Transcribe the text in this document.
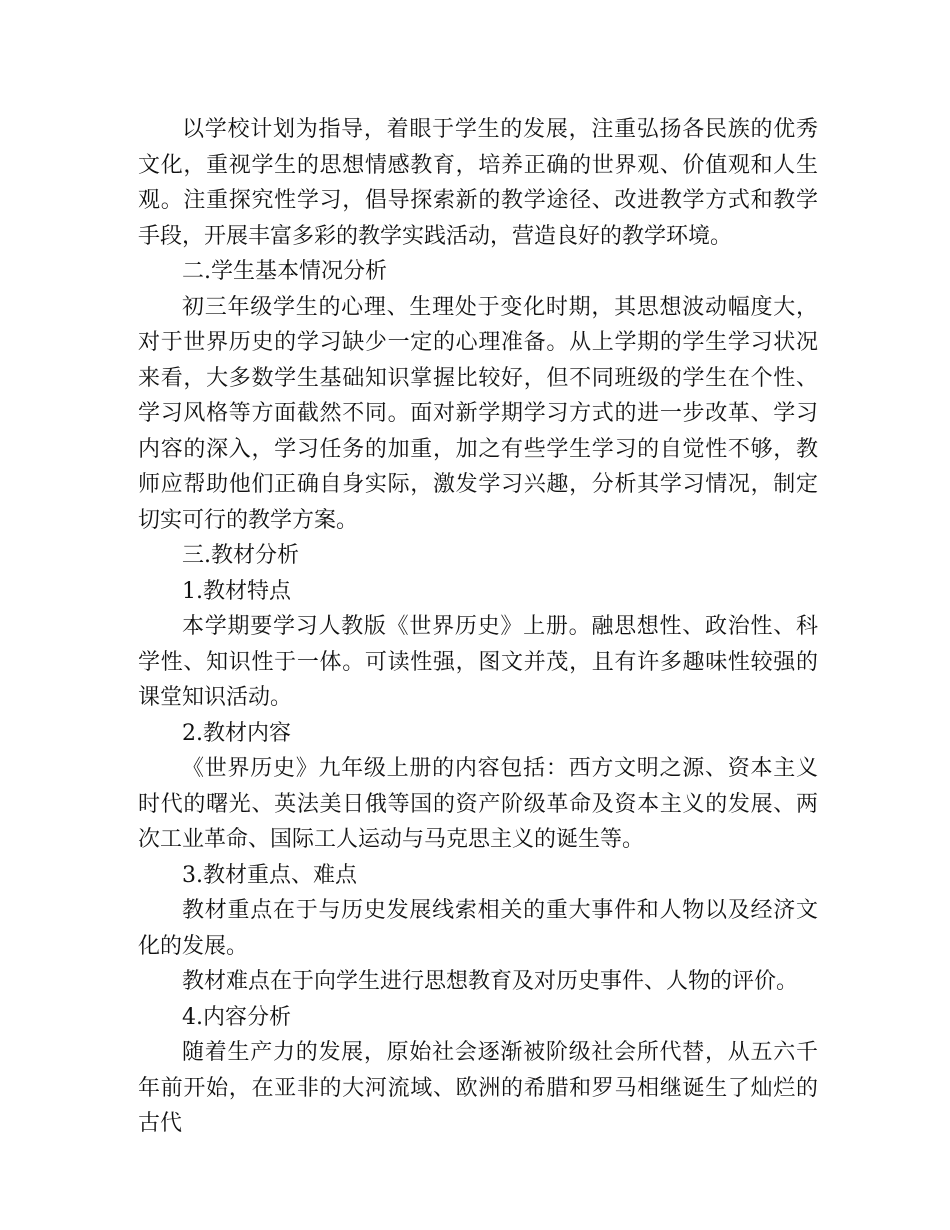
以学校计划为指导，着眼于学生的发展，注重弘扬各民族的优秀文化，重视学生的思想情感教育，培养正确的世界观、价值观和人生观。注重探究性学习，倡导探索新的教学途径、改进教学方式和教学手段，开展丰富多彩的教学实践活动，营造良好的教学环境。

二.学生基本情况分析

初三年级学生的心理、生理处于变化时期，其思想波动幅度大，对于世界历史的学习缺少一定的心理准备。从上学期的学生学习状况来看，大多数学生基础知识掌握比较好，但不同班级的学生在个性、学习风格等方面截然不同。面对新学期学习方式的进一步改革、学习内容的深入，学习任务的加重，加之有些学生学习的自觉性不够，教师应帮助他们正确自身实际，激发学习兴趣，分析其学习情况，制定切实可行的教学方案。

三.教材分析

1.教材特点

本学期要学习人教版《世界历史》上册。融思想性、政治性、科学性、知识性于一体。可读性强，图文并茂，且有许多趣味性较强的课堂知识活动。

2.教材内容

《世界历史》九年级上册的内容包括：西方文明之源、资本主义时代的曙光、英法美日俄等国的资产阶级革命及资本主义的发展、两次工业革命、国际工人运动与马克思主义的诞生等。

3.教材重点、难点

教材重点在于与历史发展线索相关的重大事件和人物以及经济文化的发展。

教材难点在于向学生进行思想教育及对历史事件、人物的评价。

4.内容分析

随着生产力的发展，原始社会逐渐被阶级社会所代替，从五六千年前开始，在亚非的大河流域、欧洲的希腊和罗马相继诞生了灿烂的古代
